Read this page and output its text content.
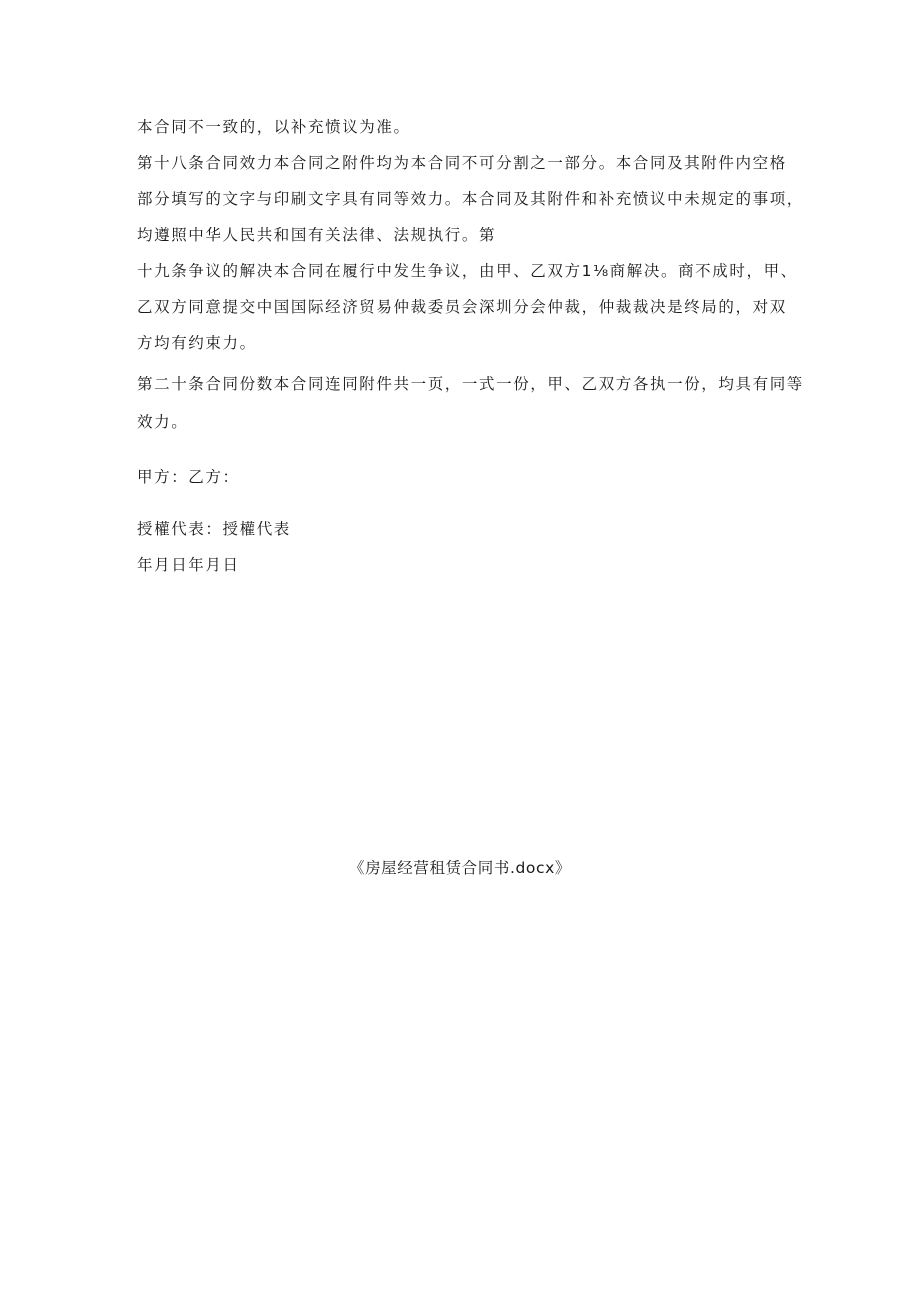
本合同不一致的，以补充愤议为准。
第十八条合同效力本合同之附件均为本合同不可分割之一部分。本合同及其附件内空格
部分填写的文字与印刷文字具有同等效力。本合同及其附件和补充愤议中未规定的事项，
均遵照中华人民共和国有关法律、法规执行。第
十九条争议的解决本合同在履行中发生争议，由甲、乙双方1⅛商解决。商不成时，甲、
乙双方同意提交中国国际经济贸易仲裁委员会深圳分会仲裁，仲裁裁决是终局的，对双
方均有约束力。
第二十条合同份数本合同连同附件共一页，一式一份，甲、乙双方各执一份，均具有同等
效力。
甲方：乙方：
授權代表：授權代表
年月日年月日
《房屋经营租赁合同书.docx》
